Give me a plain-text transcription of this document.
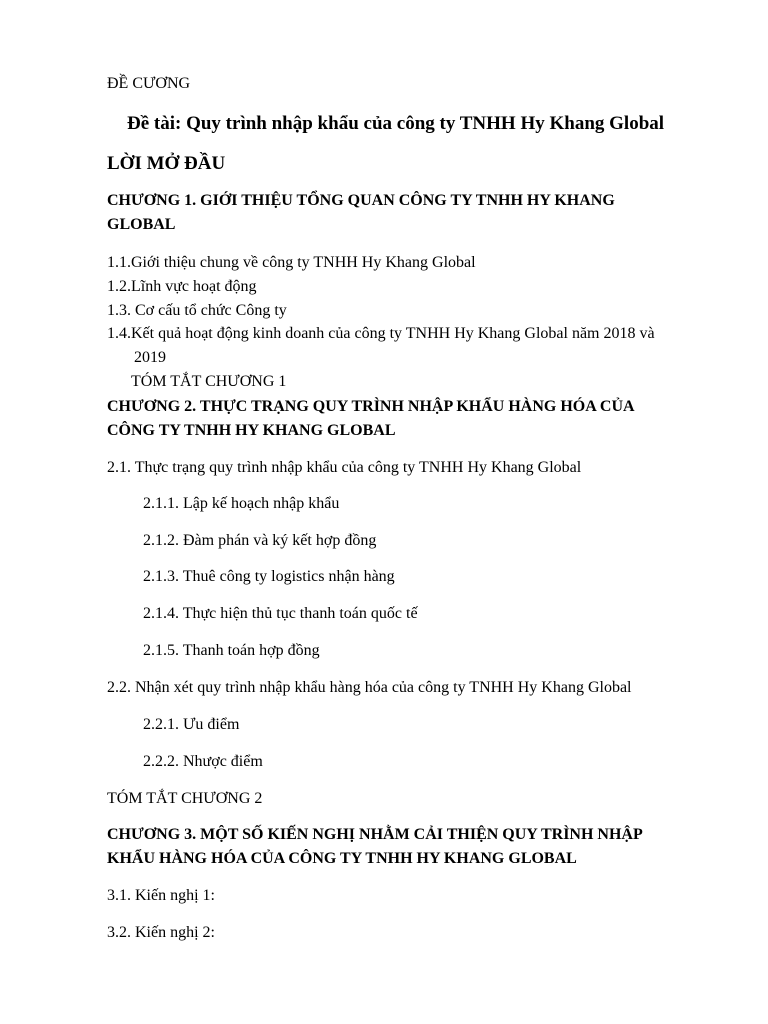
ĐỀ CƯƠNG
Đề tài: Quy trình nhập khẩu của công ty TNHH Hy Khang Global
LỜI MỞ ĐẦU
CHƯƠNG 1. GIỚI THIỆU TỔNG QUAN CÔNG TY TNHH HY KHANG
GLOBAL
1.1.Giới thiệu chung về công ty TNHH Hy Khang Global
1.2.Lĩnh vực hoạt động
1.3. Cơ cấu tổ chức Công ty
1.4.Kết quả hoạt động kinh doanh của công ty TNHH Hy Khang Global năm 2018 và
2019
TÓM TẮT CHƯƠNG 1
CHƯƠNG 2. THỰC TRẠNG QUY TRÌNH NHẬP KHẨU HÀNG HÓA CỦA
CÔNG TY TNHH HY KHANG GLOBAL
2.1. Thực trạng quy trình nhập khẩu của công ty TNHH Hy Khang Global
2.1.1. Lập kế hoạch nhập khẩu
2.1.2. Đàm phán và ký kết hợp đồng
2.1.3. Thuê công ty logistics nhận hàng
2.1.4. Thực hiện thủ tục thanh toán quốc tế
2.1.5. Thanh toán hợp đồng
2.2. Nhận xét quy trình nhập khẩu hàng hóa của công ty TNHH Hy Khang Global
2.2.1. Ưu điểm
2.2.2. Nhược điểm
TÓM TẮT CHƯƠNG 2
CHƯƠNG 3. MỘT SỐ KIẾN NGHỊ NHẰM CẢI THIỆN QUY TRÌNH NHẬP
KHẨU HÀNG HÓA CỦA CÔNG TY TNHH HY KHANG GLOBAL
3.1. Kiến nghị 1:
3.2. Kiến nghị 2:
